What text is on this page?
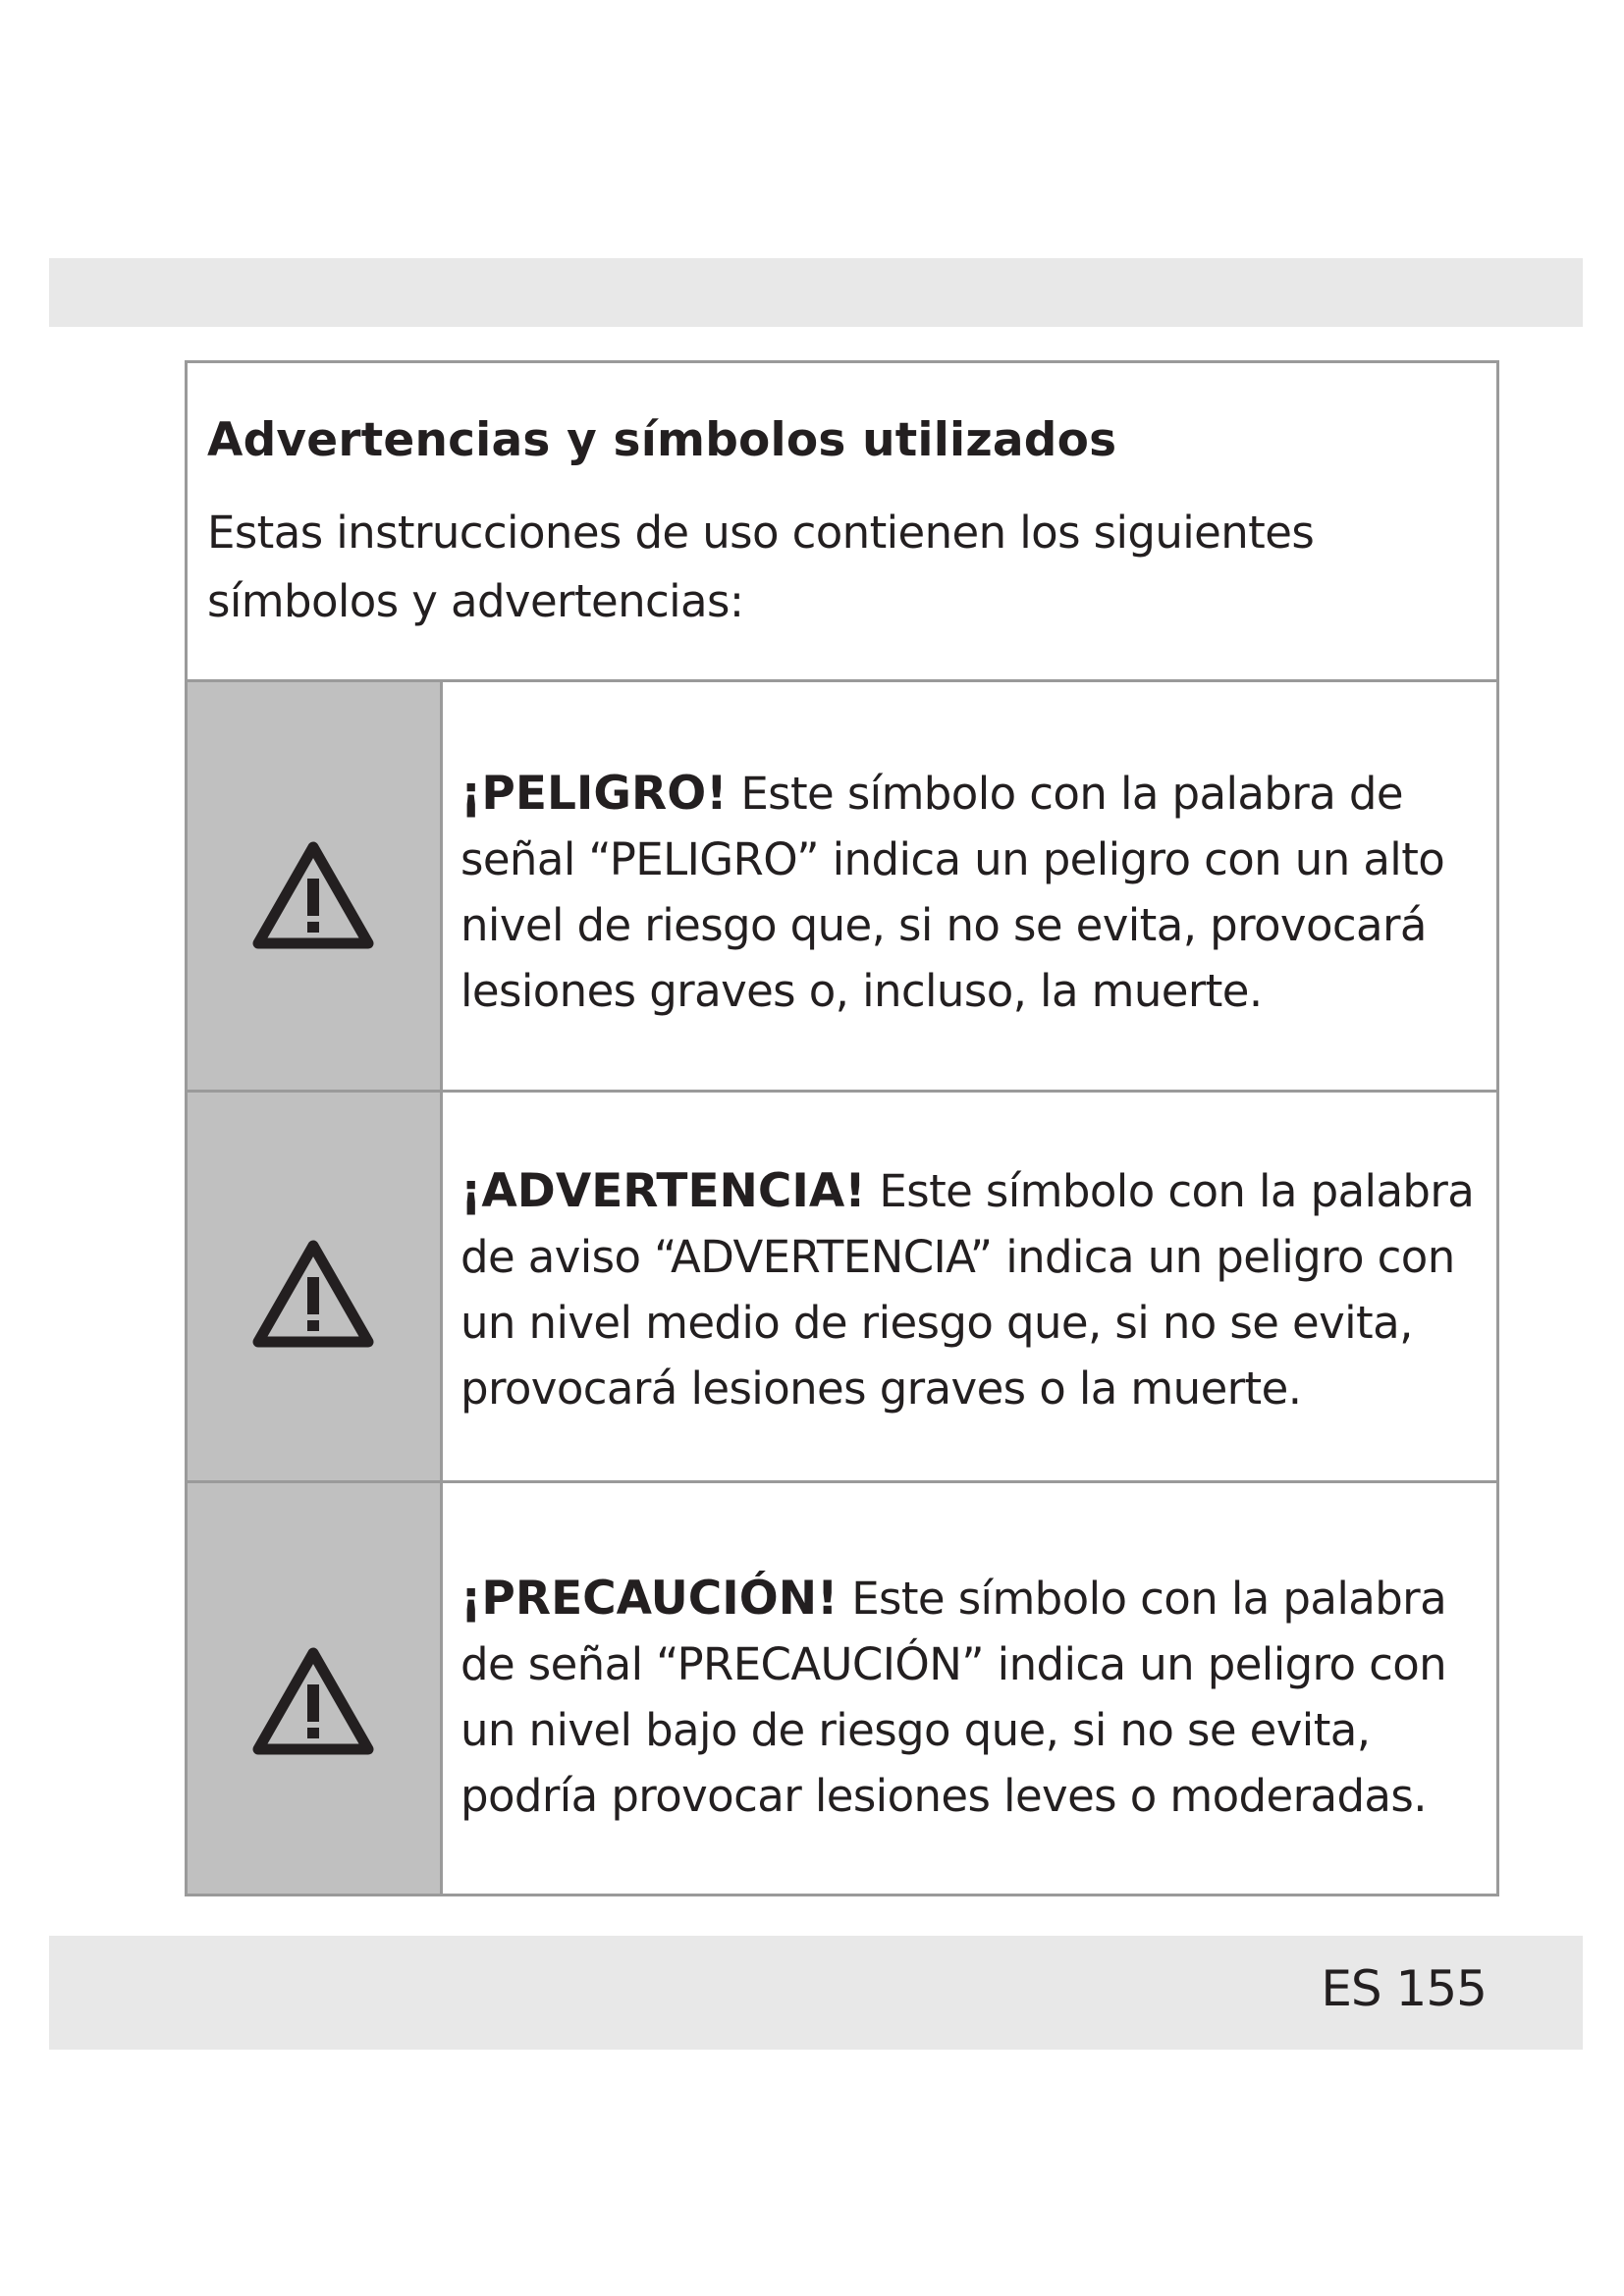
Advertencias y símbolos utilizados

Estas instrucciones de uso contienen los siguientes símbolos y advertencias:

¡PELIGRO! Este símbolo con la palabra de señal “PELIGRO” indica un peligro con un alto nivel de riesgo que, si no se evita, provocará lesiones graves o, incluso, la muerte.

¡ADVERTENCIA! Este símbolo con la palabra de aviso “ADVERTENCIA” indica un peligro con un nivel medio de riesgo que, si no se evita, provocará lesiones graves o la muerte.

¡PRECAUCIÓN! Este símbolo con la palabra de señal “PRECAUCIÓN” indica un peligro con un nivel bajo de riesgo que, si no se evita, podría provocar lesiones leves o moderadas.

ES 155
